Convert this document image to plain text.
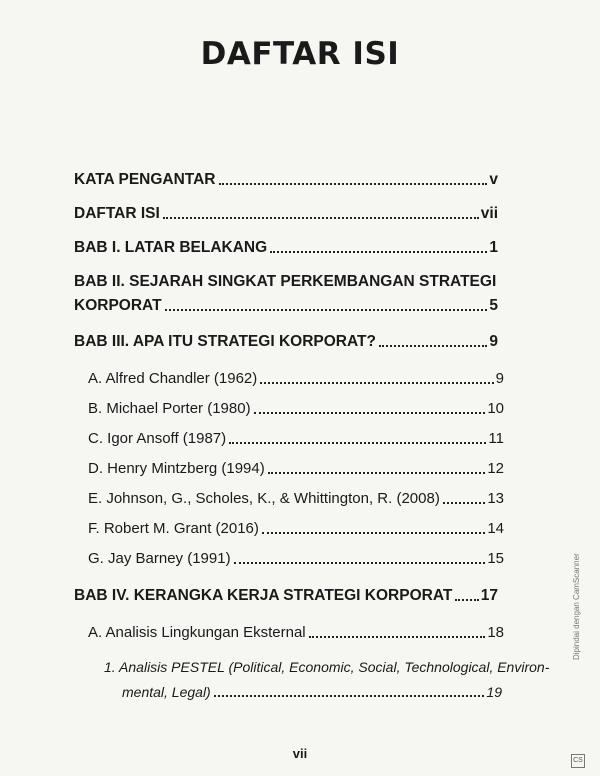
DAFTAR ISI
KATA PENGANTAR	v
DAFTAR ISI	vii
BAB I. LATAR BELAKANG	1
BAB II. SEJARAH SINGKAT PERKEMBANGAN STRATEGI
KORPORAT	5
BAB III. APA ITU STRATEGI KORPORAT?	9
A. Alfred Chandler (1962)	9
B. Michael Porter (1980)	10
C. Igor Ansoff (1987)	11
D. Henry Mintzberg (1994)	12
E. Johnson, G., Scholes, K., & Whittington, R. (2008)	13
F. Robert M. Grant (2016)	14
G. Jay Barney (1991)	15
BAB IV. KERANGKA KERJA STRATEGI KORPORAT 17
A. Analisis Lingkungan Eksternal	18
1. Analisis PESTEL (Political, Economic, Social, Technological, Environ-
mental, Legal)	19
vii
Dipindai dengan CamScanner
CS
